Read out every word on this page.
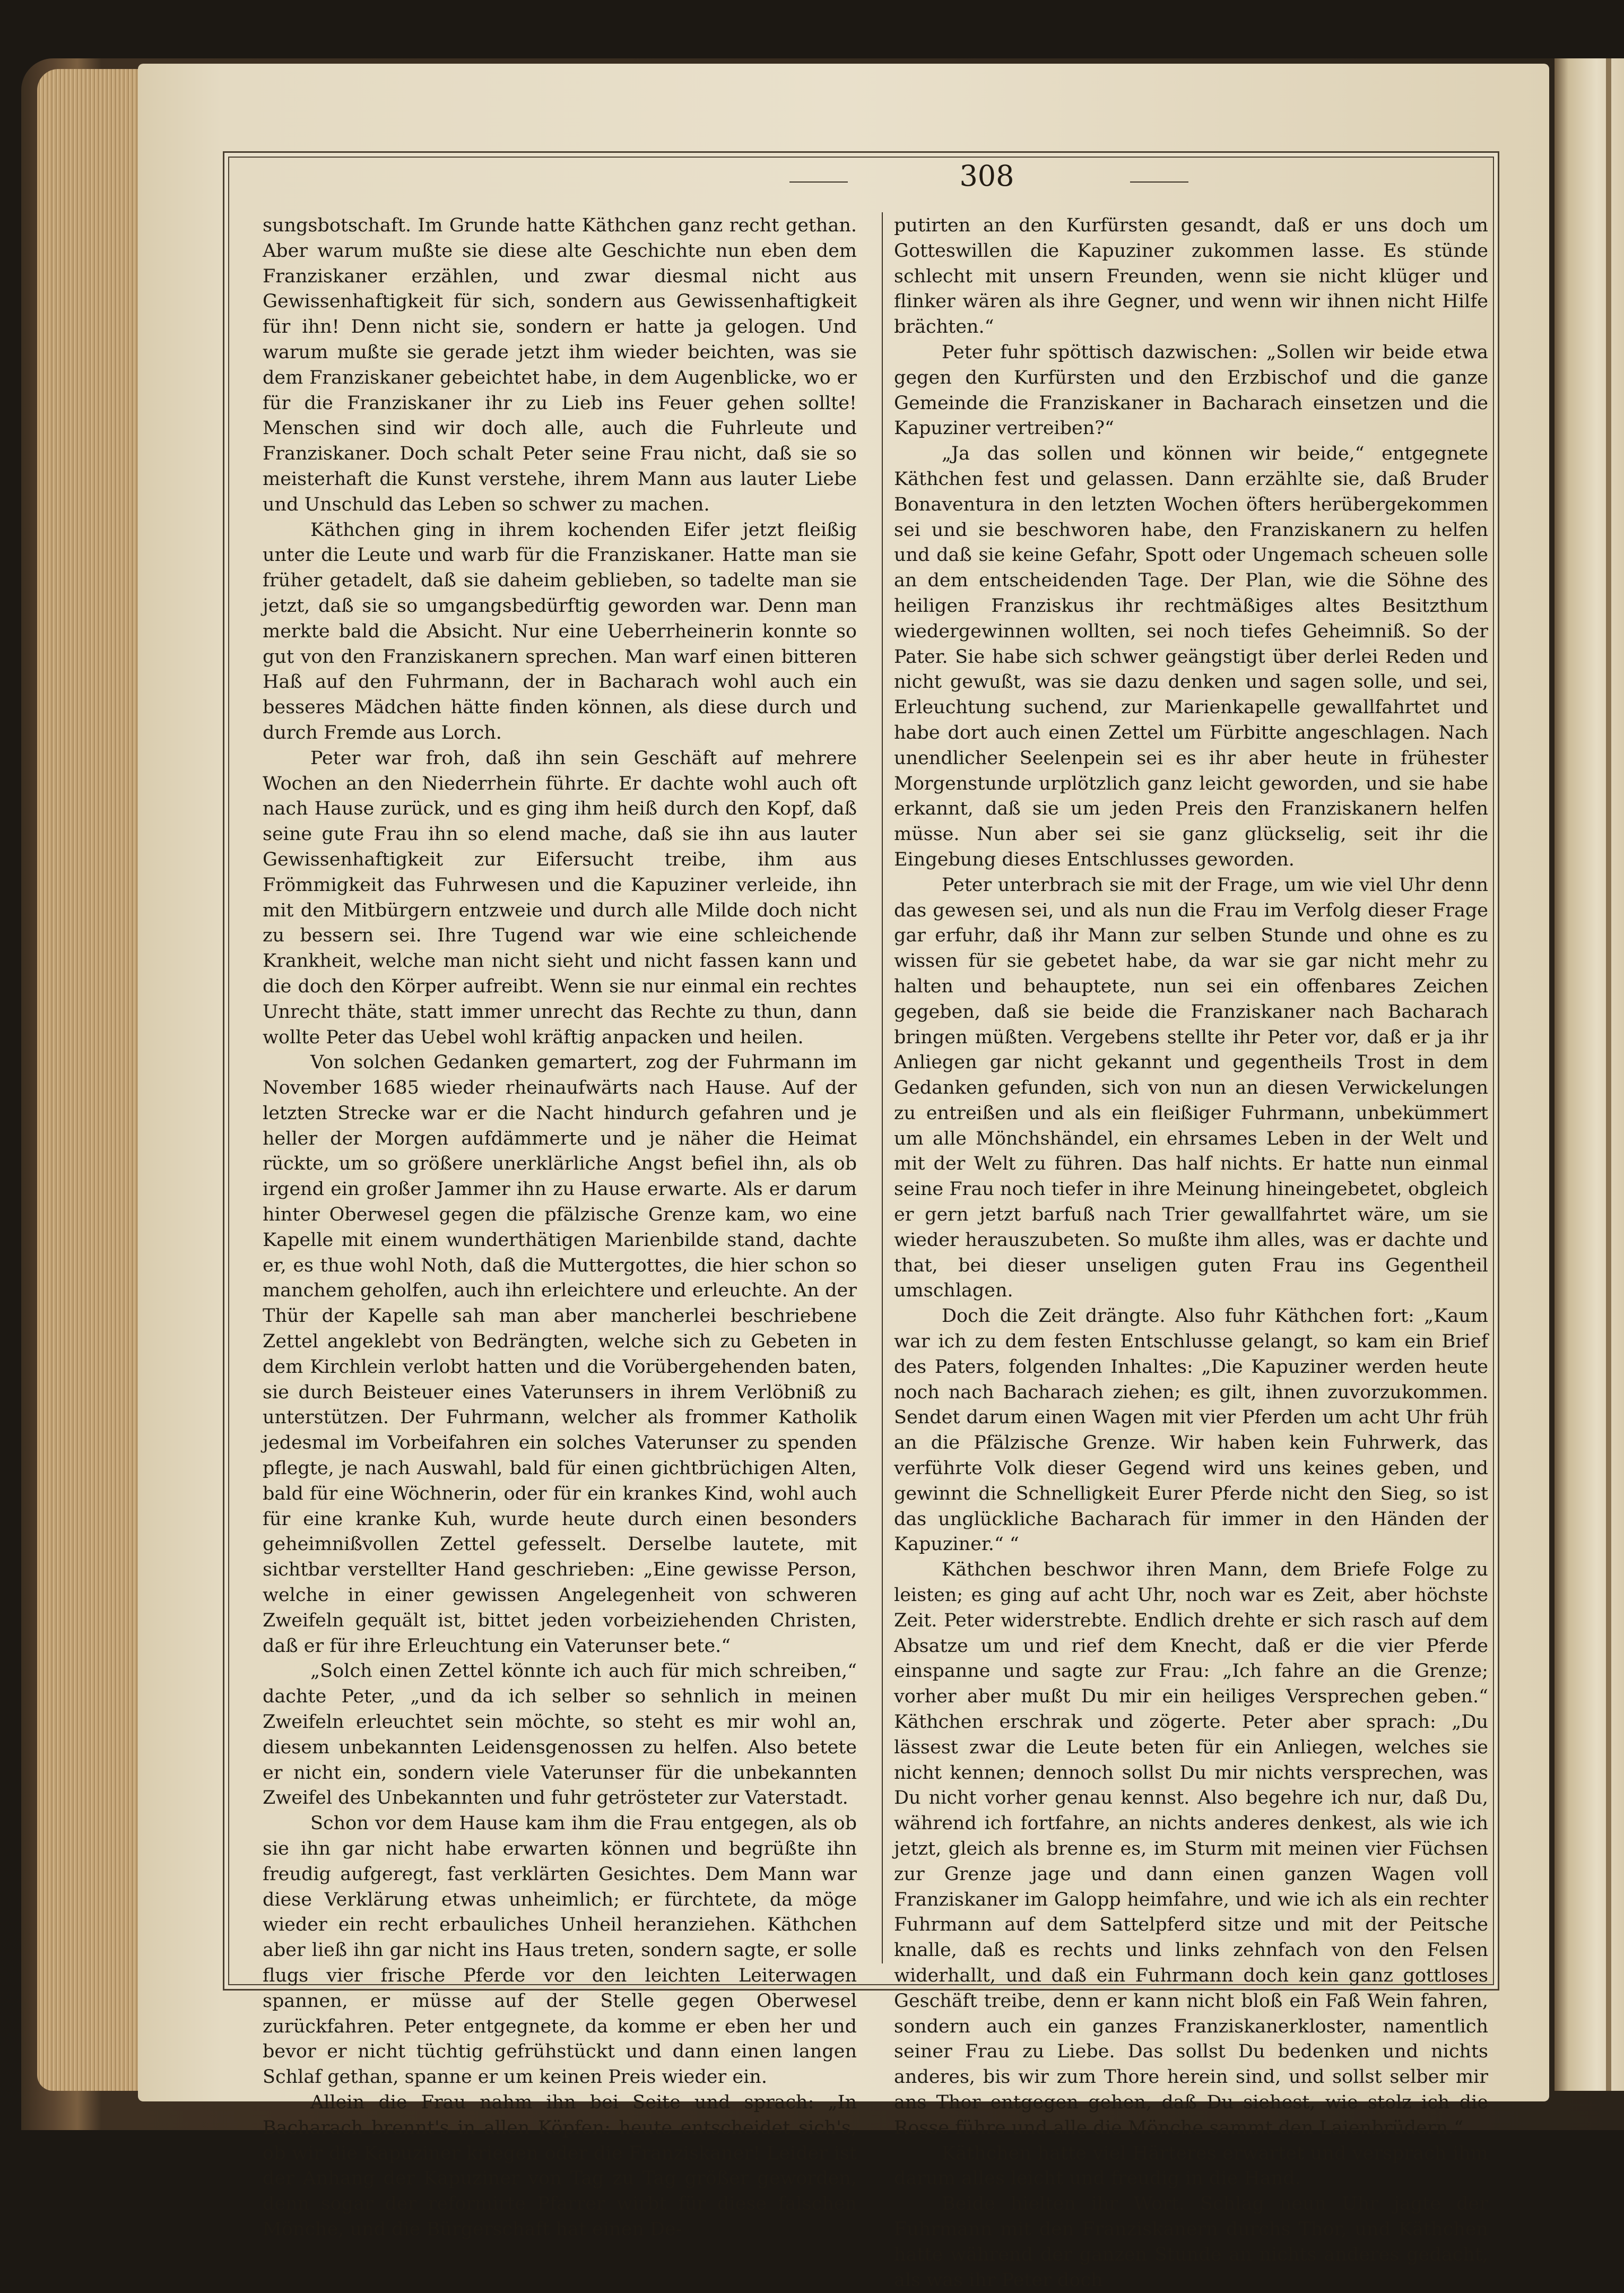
308

sungsbotschaft. Im Grunde hatte Käthchen ganz recht gethan. Aber warum mußte sie diese alte Geschichte nun eben dem Franziskaner erzählen, und zwar diesmal nicht aus Gewissenhaftigkeit für sich, sondern aus Gewissenhaftigkeit für ihn! Denn nicht sie, sondern er hatte ja gelogen. Und warum mußte sie gerade jetzt ihm wieder beichten, was sie dem Franziskaner gebeichtet habe, in dem Augenblicke, wo er für die Franziskaner ihr zu Lieb ins Feuer gehen sollte! Menschen sind wir doch alle, auch die Fuhrleute und Franziskaner. Doch schalt Peter seine Frau nicht, daß sie so meisterhaft die Kunst verstehe, ihrem Mann aus lauter Liebe und Unschuld das Leben so schwer zu machen.

Käthchen ging in ihrem kochenden Eifer jetzt fleißig unter die Leute und warb für die Franziskaner. Hatte man sie früher getadelt, daß sie daheim geblieben, so tadelte man sie jetzt, daß sie so umgangsbedürftig geworden war. Denn man merkte bald die Absicht. Nur eine Ueberrheinerin konnte so gut von den Franziskanern sprechen. Man warf einen bitteren Haß auf den Fuhrmann, der in Bacharach wohl auch ein besseres Mädchen hätte finden können, als diese durch und durch Fremde aus Lorch.

Peter war froh, daß ihn sein Geschäft auf mehrere Wochen an den Niederrhein führte. Er dachte wohl auch oft nach Hause zurück, und es ging ihm heiß durch den Kopf, daß seine gute Frau ihn so elend mache, daß sie ihn aus lauter Gewissenhaftigkeit zur Eifersucht treibe, ihm aus Frömmigkeit das Fuhrwesen und die Kapuziner verleide, ihn mit den Mitbürgern entzweie und durch alle Milde doch nicht zu bessern sei. Ihre Tugend war wie eine schleichende Krankheit, welche man nicht sieht und nicht fassen kann und die doch den Körper aufreibt. Wenn sie nur einmal ein rechtes Unrecht thäte, statt immer unrecht das Rechte zu thun, dann wollte Peter das Uebel wohl kräftig anpacken und heilen.

Von solchen Gedanken gemartert, zog der Fuhrmann im November 1685 wieder rheinaufwärts nach Hause. Auf der letzten Strecke war er die Nacht hindurch gefahren und je heller der Morgen aufdämmerte und je näher die Heimat rückte, um so größere unerklärliche Angst befiel ihn, als ob irgend ein großer Jammer ihn zu Hause erwarte. Als er darum hinter Oberwesel gegen die pfälzische Grenze kam, wo eine Kapelle mit einem wunderthätigen Marienbilde stand, dachte er, es thue wohl Noth, daß die Muttergottes, die hier schon so manchem geholfen, auch ihn erleichtere und erleuchte. An der Thür der Kapelle sah man aber mancherlei beschriebene Zettel angeklebt von Bedrängten, welche sich zu Gebeten in dem Kirchlein verlobt hatten und die Vorübergehenden baten, sie durch Beisteuer eines Vaterunsers in ihrem Verlöbniß zu unterstützen. Der Fuhrmann, welcher als frommer Katholik jedesmal im Vorbeifahren ein solches Vaterunser zu spenden pflegte, je nach Auswahl, bald für einen gichtbrüchigen Alten, bald für eine Wöchnerin, oder für ein krankes Kind, wohl auch für eine kranke Kuh, wurde heute durch einen besonders geheimnißvollen Zettel gefesselt. Derselbe lautete, mit sichtbar verstellter Hand geschrieben: „Eine gewisse Person, welche in einer gewissen Angelegenheit von schweren Zweifeln gequält ist, bittet jeden vorbeiziehenden Christen, daß er für ihre Erleuchtung ein Vaterunser bete.“

„Solch einen Zettel könnte ich auch für mich schreiben,“ dachte Peter, „und da ich selber so sehnlich in meinen Zweifeln erleuchtet sein möchte, so steht es mir wohl an, diesem unbekannten Leidensgenossen zu helfen. Also betete er nicht ein, sondern viele Vaterunser für die unbekannten Zweifel des Unbekannten und fuhr getrösteter zur Vaterstadt.

Schon vor dem Hause kam ihm die Frau entgegen, als ob sie ihn gar nicht habe erwarten können und begrüßte ihn freudig aufgeregt, fast verklärten Gesichtes. Dem Mann war diese Verklärung etwas unheimlich; er fürchtete, da möge wieder ein recht erbauliches Unheil heranziehen. Käthchen aber ließ ihn gar nicht ins Haus treten, sondern sagte, er solle flugs vier frische Pferde vor den leichten Leiterwagen spannen, er müsse auf der Stelle gegen Oberwesel zurückfahren. Peter entgegnete, da komme er eben her und bevor er nicht tüchtig gefrühstückt und dann einen langen Schlaf gethan, spanne er um keinen Preis wieder ein.

Allein die Frau nahm ihn bei Seite und sprach: „In Bacharach brennt's in allen Köpfen: heute entscheidet sich's, ob wir die Kapuziner kriegen oder die Franziskaner! Leider ist der Anhang der Kapuziner von Tag zu Tag größer geworden, denn sogar der reformirte Pfarrer wirbt für diese falschen Mönche, und die Bürgerschaft hat einen De-

putirten an den Kurfürsten gesandt, daß er uns doch um Gotteswillen die Kapuziner zukommen lasse. Es stünde schlecht mit unsern Freunden, wenn sie nicht klüger und flinker wären als ihre Gegner, und wenn wir ihnen nicht Hilfe brächten.“

Peter fuhr spöttisch dazwischen: „Sollen wir beide etwa gegen den Kurfürsten und den Erzbischof und die ganze Gemeinde die Franziskaner in Bacharach einsetzen und die Kapuziner vertreiben?“

„Ja das sollen und können wir beide,“ entgegnete Käthchen fest und gelassen. Dann erzählte sie, daß Bruder Bonaventura in den letzten Wochen öfters herübergekommen sei und sie beschworen habe, den Franziskanern zu helfen und daß sie keine Gefahr, Spott oder Ungemach scheuen solle an dem entscheidenden Tage. Der Plan, wie die Söhne des heiligen Franziskus ihr rechtmäßiges altes Besitzthum wiedergewinnen wollten, sei noch tiefes Geheimniß. So der Pater. Sie habe sich schwer geängstigt über derlei Reden und nicht gewußt, was sie dazu denken und sagen solle, und sei, Erleuchtung suchend, zur Marienkapelle gewallfahrtet und habe dort auch einen Zettel um Fürbitte angeschlagen. Nach unendlicher Seelenpein sei es ihr aber heute in frühester Morgenstunde urplötzlich ganz leicht geworden, und sie habe erkannt, daß sie um jeden Preis den Franziskanern helfen müsse. Nun aber sei sie ganz glückselig, seit ihr die Eingebung dieses Entschlusses geworden.

Peter unterbrach sie mit der Frage, um wie viel Uhr denn das gewesen sei, und als nun die Frau im Verfolg dieser Frage gar erfuhr, daß ihr Mann zur selben Stunde und ohne es zu wissen für sie gebetet habe, da war sie gar nicht mehr zu halten und behauptete, nun sei ein offenbares Zeichen gegeben, daß sie beide die Franziskaner nach Bacharach bringen müßten. Vergebens stellte ihr Peter vor, daß er ja ihr Anliegen gar nicht gekannt und gegentheils Trost in dem Gedanken gefunden, sich von nun an diesen Verwickelungen zu entreißen und als ein fleißiger Fuhrmann, unbekümmert um alle Mönchshändel, ein ehrsames Leben in der Welt und mit der Welt zu führen. Das half nichts. Er hatte nun einmal seine Frau noch tiefer in ihre Meinung hineingebetet, obgleich er gern jetzt barfuß nach Trier gewallfahrtet wäre, um sie wieder herauszubeten. So mußte ihm alles, was er dachte und that, bei dieser unseligen guten Frau ins Gegentheil umschlagen.

Doch die Zeit drängte. Also fuhr Käthchen fort: „Kaum war ich zu dem festen Entschlusse gelangt, so kam ein Brief des Paters, folgenden Inhaltes: „Die Kapuziner werden heute noch nach Bacharach ziehen; es gilt, ihnen zuvorzukommen. Sendet darum einen Wagen mit vier Pferden um acht Uhr früh an die Pfälzische Grenze. Wir haben kein Fuhrwerk, das verführte Volk dieser Gegend wird uns keines geben, und gewinnt die Schnelligkeit Eurer Pferde nicht den Sieg, so ist das unglückliche Bacharach für immer in den Händen der Kapuziner.“ “

Käthchen beschwor ihren Mann, dem Briefe Folge zu leisten; es ging auf acht Uhr, noch war es Zeit, aber höchste Zeit. Peter widerstrebte. Endlich drehte er sich rasch auf dem Absatze um und rief dem Knecht, daß er die vier Pferde einspanne und sagte zur Frau: „Ich fahre an die Grenze; vorher aber mußt Du mir ein heiliges Versprechen geben.“ Käthchen erschrak und zögerte. Peter aber sprach: „Du lässest zwar die Leute beten für ein Anliegen, welches sie nicht kennen; dennoch sollst Du mir nichts versprechen, was Du nicht vorher genau kennst. Also begehre ich nur, daß Du, während ich fortfahre, an nichts anderes denkest, als wie ich jetzt, gleich als brenne es, im Sturm mit meinen vier Füchsen zur Grenze jage und dann einen ganzen Wagen voll Franziskaner im Galopp heimfahre, und wie ich als ein rechter Fuhrmann auf dem Sattelpferd sitze und mit der Peitsche knalle, daß es rechts und links zehnfach von den Felsen widerhallt, und daß ein Fuhrmann doch kein ganz gottloses Geschäft treibe, denn er kann nicht bloß ein Faß Wein fahren, sondern auch ein ganzes Franziskanerkloster, namentlich seiner Frau zu Liebe. Das sollst Du bedenken und nichts anderes, bis wir zum Thore herein sind, und sollst selber mir ans Thor entgegen gehen, daß Du siehest, wie stolz ich die Rosse führe und alle die Mönche sammt den Laienbrüdern.“

Käthchen hatte viel Härteres erwartet und versprach ihm darum alles leicht und freudig in die Hand.

Beide hielten ihr Wort. Schlag neun Uhr jagte der Fuhrmann mit den Franziskanern durchs Thor, und Käthchen hatte während der ganzen Stunde an nichts anderes gedacht, als was ihr Peter doch
